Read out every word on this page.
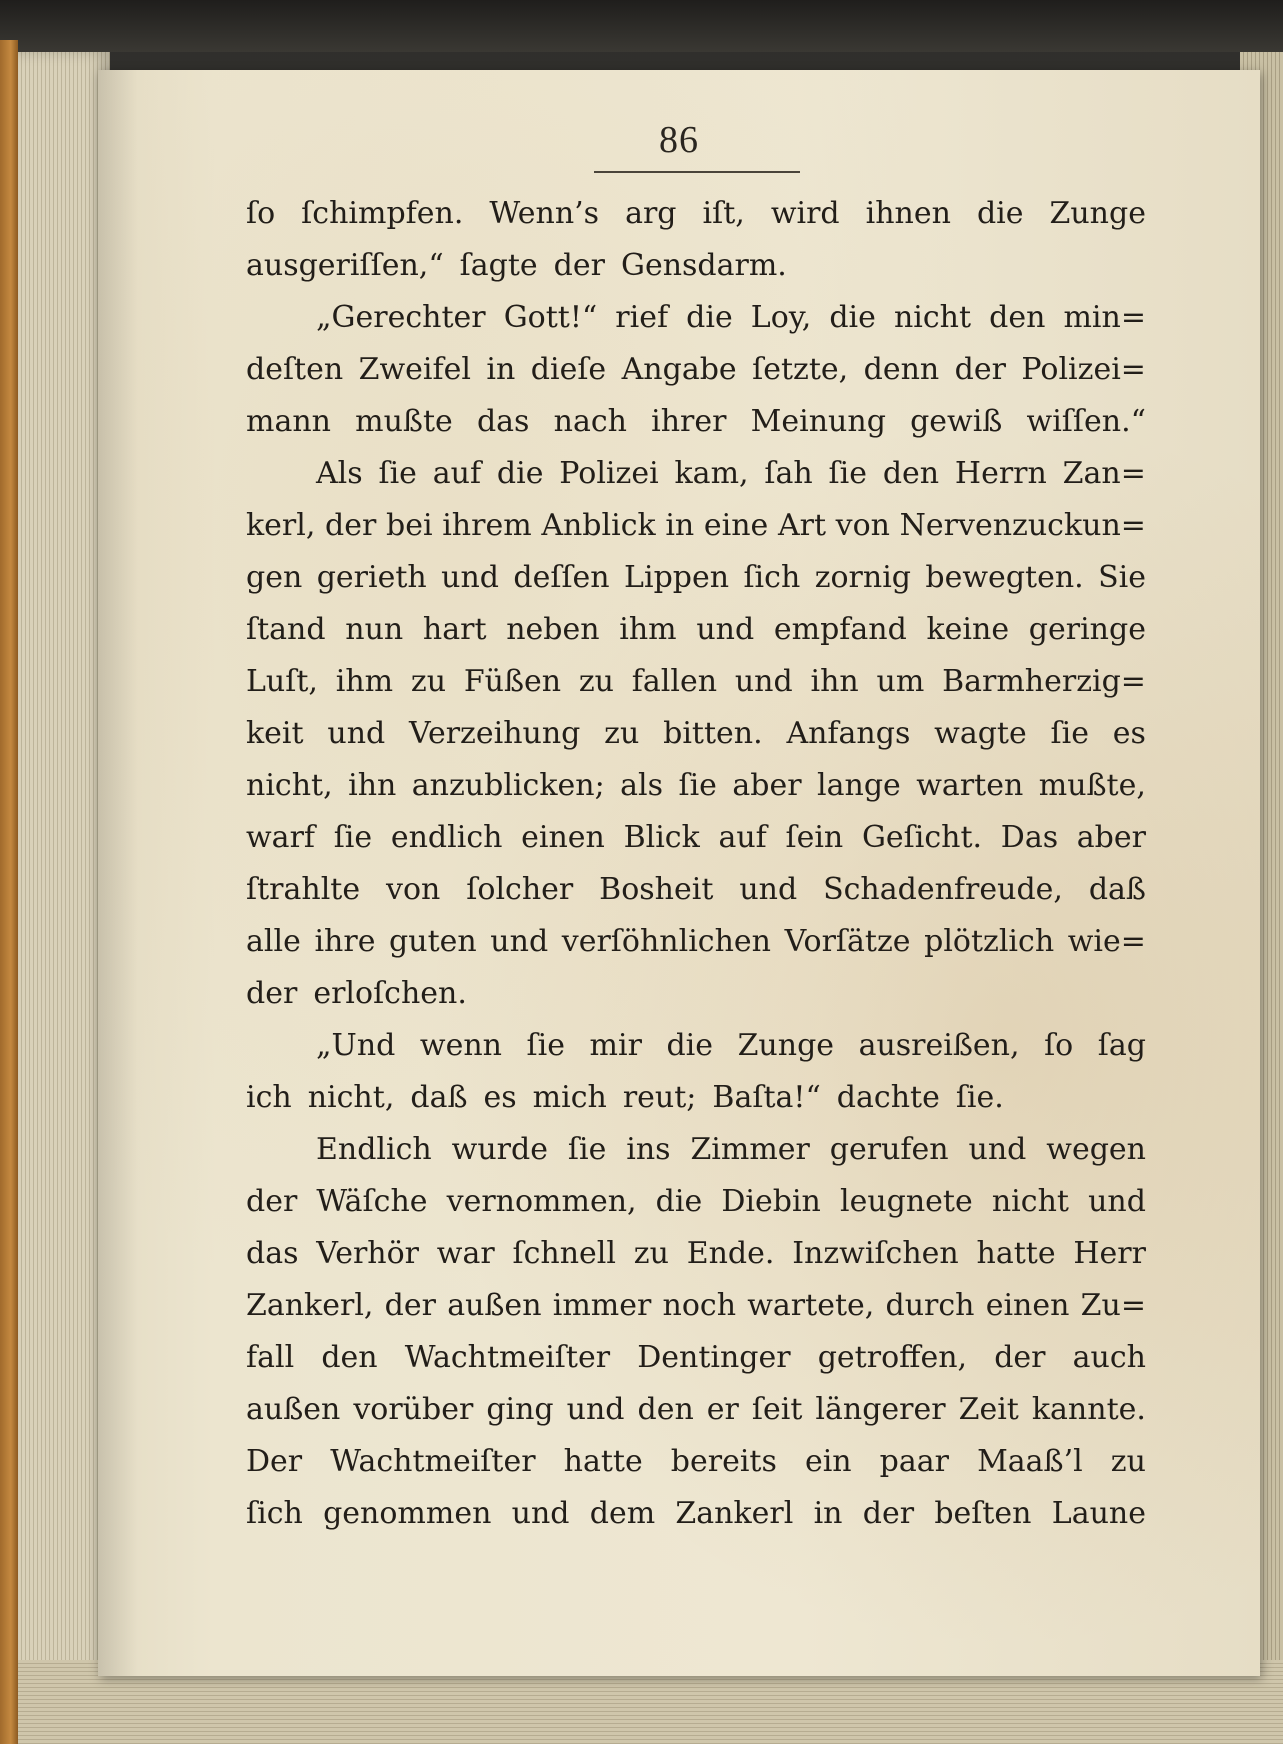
86
ſo ſchimpfen. Wenn’s arg iſt, wird ihnen die Zunge
ausgeriſſen,“ ſagte der Gensdarm.
„Gerechter Gott!“ rief die Loy, die nicht den min=
deſten Zweifel in dieſe Angabe ſetzte, denn der Polizei=
mann mußte das nach ihrer Meinung gewiß wiſſen.“
Als ſie auf die Polizei kam, ſah ſie den Herrn Zan=
kerl, der bei ihrem Anblick in eine Art von Nervenzuckun=
gen gerieth und deſſen Lippen ſich zornig bewegten. Sie
ſtand nun hart neben ihm und empfand keine geringe
Luſt, ihm zu Füßen zu fallen und ihn um Barmherzig=
keit und Verzeihung zu bitten. Anfangs wagte ſie es
nicht, ihn anzublicken; als ſie aber lange warten mußte,
warf ſie endlich einen Blick auf ſein Geſicht. Das aber
ſtrahlte von ſolcher Bosheit und Schadenfreude, daß
alle ihre guten und verſöhnlichen Vorſätze plötzlich wie=
der erloſchen.
„Und wenn ſie mir die Zunge ausreißen, ſo ſag
ich nicht, daß es mich reut; Baſta!“ dachte ſie.
Endlich wurde ſie ins Zimmer gerufen und wegen
der Wäſche vernommen, die Diebin leugnete nicht und
das Verhör war ſchnell zu Ende. Inzwiſchen hatte Herr
Zankerl, der außen immer noch wartete, durch einen Zu=
fall den Wachtmeiſter Dentinger getroffen, der auch
außen vorüber ging und den er ſeit längerer Zeit kannte.
Der Wachtmeiſter hatte bereits ein paar Maaß’l zu
ſich genommen und dem Zankerl in der beſten Laune
